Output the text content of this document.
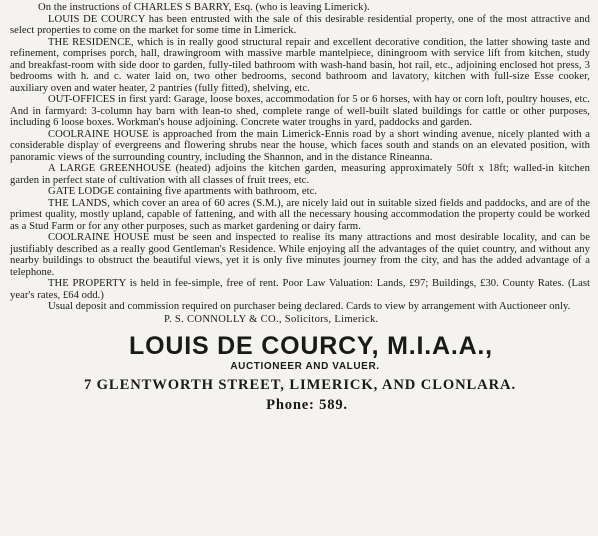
On the instructions of CHARLES S BARRY, Esq. (who is leaving Limerick).

LOUIS DE COURCY has been entrusted with the sale of this desirable residential property, one of the most attractive and select properties to come on the market for some time in Limerick.

THE RESIDENCE, which is in really good structural repair and excellent decorative condition, the latter showing taste and refinement, comprises porch, hall, drawingroom with massive marble mantelpiece, diningroom with service lift from kitchen, study and breakfast-room with side door to garden, fully-tiled bathroom with wash-hand basin, hot rail, etc., adjoining enclosed hot press, 3 bedrooms with h. and c. water laid on, two other bedrooms, second bathroom and lavatory, kitchen with full-size Esse cooker, auxiliary oven and water heater, 2 pantries (fully fitted), shelving, etc.

OUT-OFFICES in first yard: Garage, loose boxes, accommodation for 5 or 6 horses, with hay or corn loft, poultry houses, etc. And in farmyard: 3-column hay barn with lean-to shed, complete range of well-built slated buildings for cattle or other purposes, including 6 loose boxes. Workman's house adjoining. Concrete water troughs in yard, paddocks and garden.

COOLRAINE HOUSE is approached from the main Limerick-Ennis road by a short winding avenue, nicely planted with a considerable display of evergreens and flowering shrubs near the house, which faces south and stands on an elevated position, with panoramic views of the surrounding country, including the Shannon, and in the distance Rineanna.

A LARGE GREENHOUSE (heated) adjoins the kitchen garden, measuring approximately 50ft x 18ft; walled-in kitchen garden in perfect state of cultivation with all classes of fruit trees, etc.

GATE LODGE containing five apartments with bathroom, etc.

THE LANDS, which cover an area of 60 acres (S.M.), are nicely laid out in suitable sized fields and paddocks, and are of the primest quality, mostly upland, capable of fattening, and with all the necessary housing accommodation the property could be worked as a Stud Farm or for any other purposes, such as market gardening or dairy farm.

COOLRAINE HOUSE must be seen and inspected to realise its many attractions and most desirable locality, and can be justifiably described as a really good Gentleman's Residence. While enjoying all the advantages of the quiet country, and without any nearby buildings to obstruct the beautiful views, yet it is only five minutes journey from the city, and has the added advantage of a telephone.

THE PROPERTY is held in fee-simple, free of rent. Poor Law Valuation: Lands, £97; Buildings, £30. County Rates. (Last year's rates, £64 odd.)

Usual deposit and commission required on purchaser being declared. Cards to view by arrangement with Auctioneer only.

P. S. CONNOLLY & CO., Solicitors, Limerick.

LOUIS DE COURCY, M.I.A.A.,

AUCTIONEER AND VALUER.

7 GLENTWORTH STREET, LIMERICK, AND CLONLARA.

Phone: 589.
